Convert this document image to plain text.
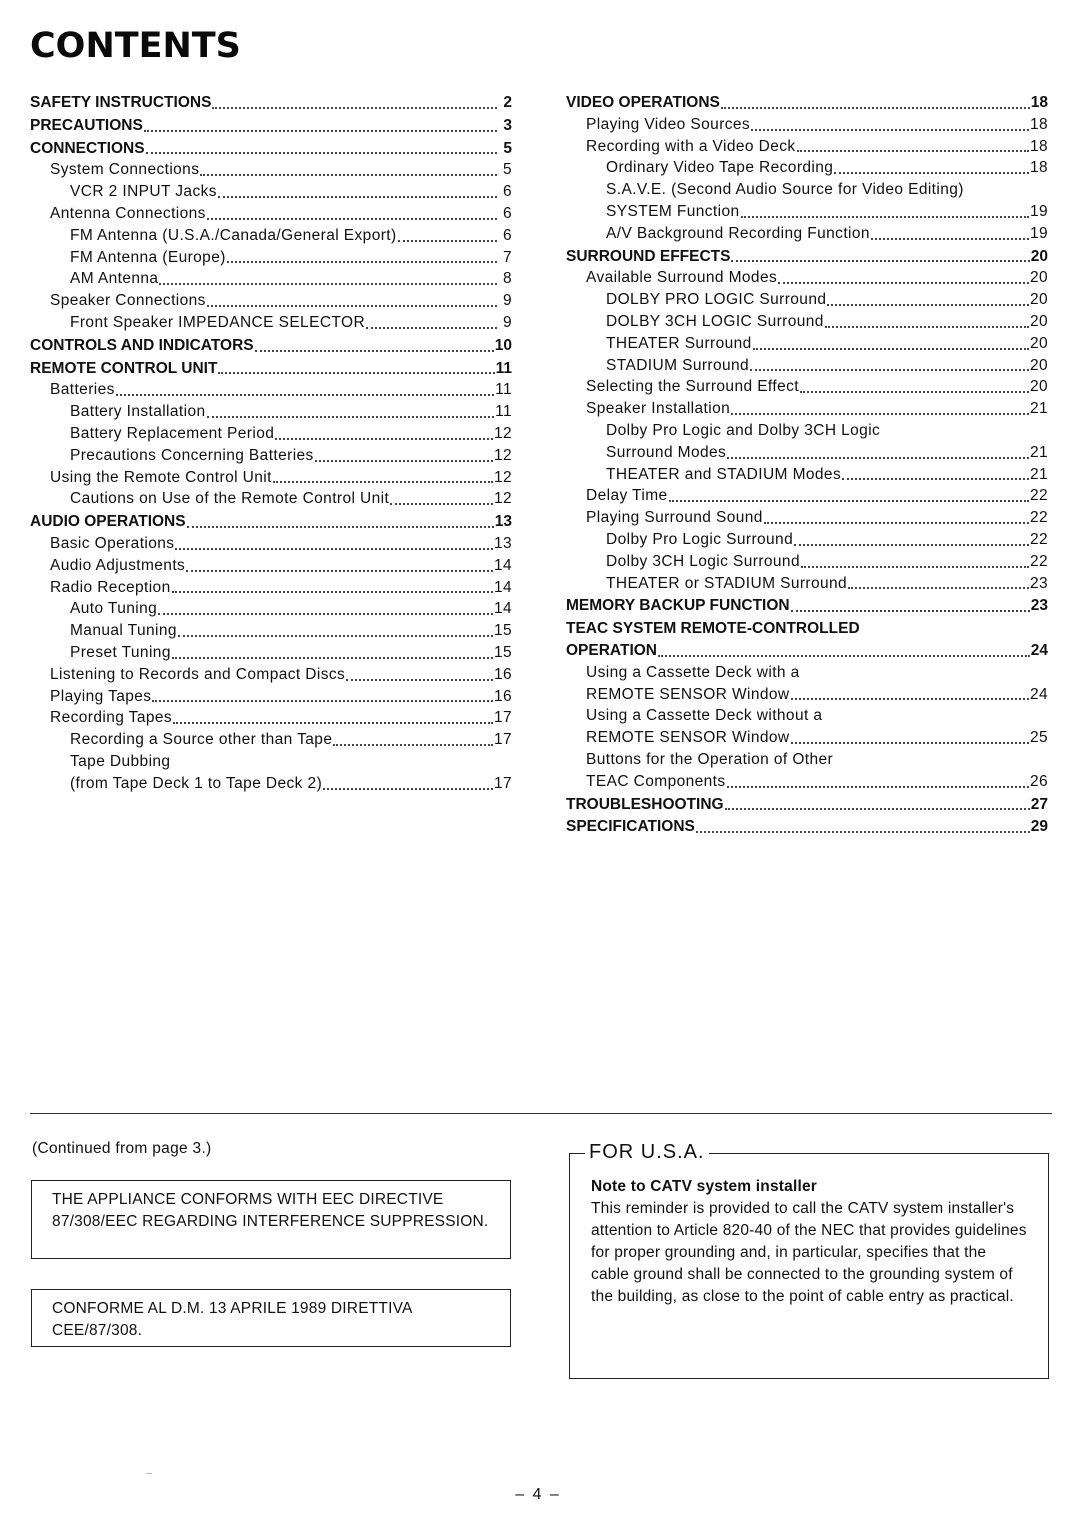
CONTENTS
SAFETY INSTRUCTIONS	2
PRECAUTIONS	3
CONNECTIONS	5
System Connections	5
VCR 2 INPUT Jacks	6
Antenna Connections	6
FM Antenna (U.S.A./Canada/General Export)	6
FM Antenna (Europe)	7
AM Antenna	8
Speaker Connections	9
Front Speaker IMPEDANCE SELECTOR	9
CONTROLS AND INDICATORS	10
REMOTE CONTROL UNIT	11
Batteries	11
Battery Installation	11
Battery Replacement Period	12
Precautions Concerning Batteries	12
Using the Remote Control Unit	12
Cautions on Use of the Remote Control Unit	12
AUDIO OPERATIONS	13
Basic Operations	13
Audio Adjustments	14
Radio Reception	14
Auto Tuning	14
Manual Tuning	15
Preset Tuning	15
Listening to Records and Compact Discs	16
Playing Tapes	16
Recording Tapes	17
Recording a Source other than Tape	17
Tape Dubbing
(from Tape Deck 1 to Tape Deck 2)	17
VIDEO OPERATIONS	18
Playing Video Sources	18
Recording with a Video Deck	18
Ordinary Video Tape Recording	18
S.A.V.E. (Second Audio Source for Video Editing)
SYSTEM Function	19
A/V Background Recording Function	19
SURROUND EFFECTS	20
Available Surround Modes	20
DOLBY PRO LOGIC Surround	20
DOLBY 3CH LOGIC Surround	20
THEATER Surround	20
STADIUM Surround	20
Selecting the Surround Effect	20
Speaker Installation	21
Dolby Pro Logic and Dolby 3CH Logic
Surround Modes	21
THEATER and STADIUM Modes	21
Delay Time	22
Playing Surround Sound	22
Dolby Pro Logic Surround	22
Dolby 3CH Logic Surround	22
THEATER or STADIUM Surround	23
MEMORY BACKUP FUNCTION	23
TEAC SYSTEM REMOTE-CONTROLLED
OPERATION	24
Using a Cassette Deck with a
REMOTE SENSOR Window	24
Using a Cassette Deck without a
REMOTE SENSOR Window	25
Buttons for the Operation of Other
TEAC Components	26
TROUBLESHOOTING	27
SPECIFICATIONS	29
(Continued from page 3.)
THE APPLIANCE CONFORMS WITH EEC DIRECTIVE 87/308/EEC REGARDING INTERFERENCE SUPPRESSION.
CONFORME AL D.M. 13 APRILE 1989 DIRETTIVA CEE/87/308.
FOR U.S.A.
Note to CATV system installer
This reminder is provided to call the CATV system installer's attention to Article 820-40 of the NEC that provides guidelines for proper grounding and, in particular, specifies that the cable ground shall be connected to the grounding system of the building, as close to the point of cable entry as practical.
– 4 –
